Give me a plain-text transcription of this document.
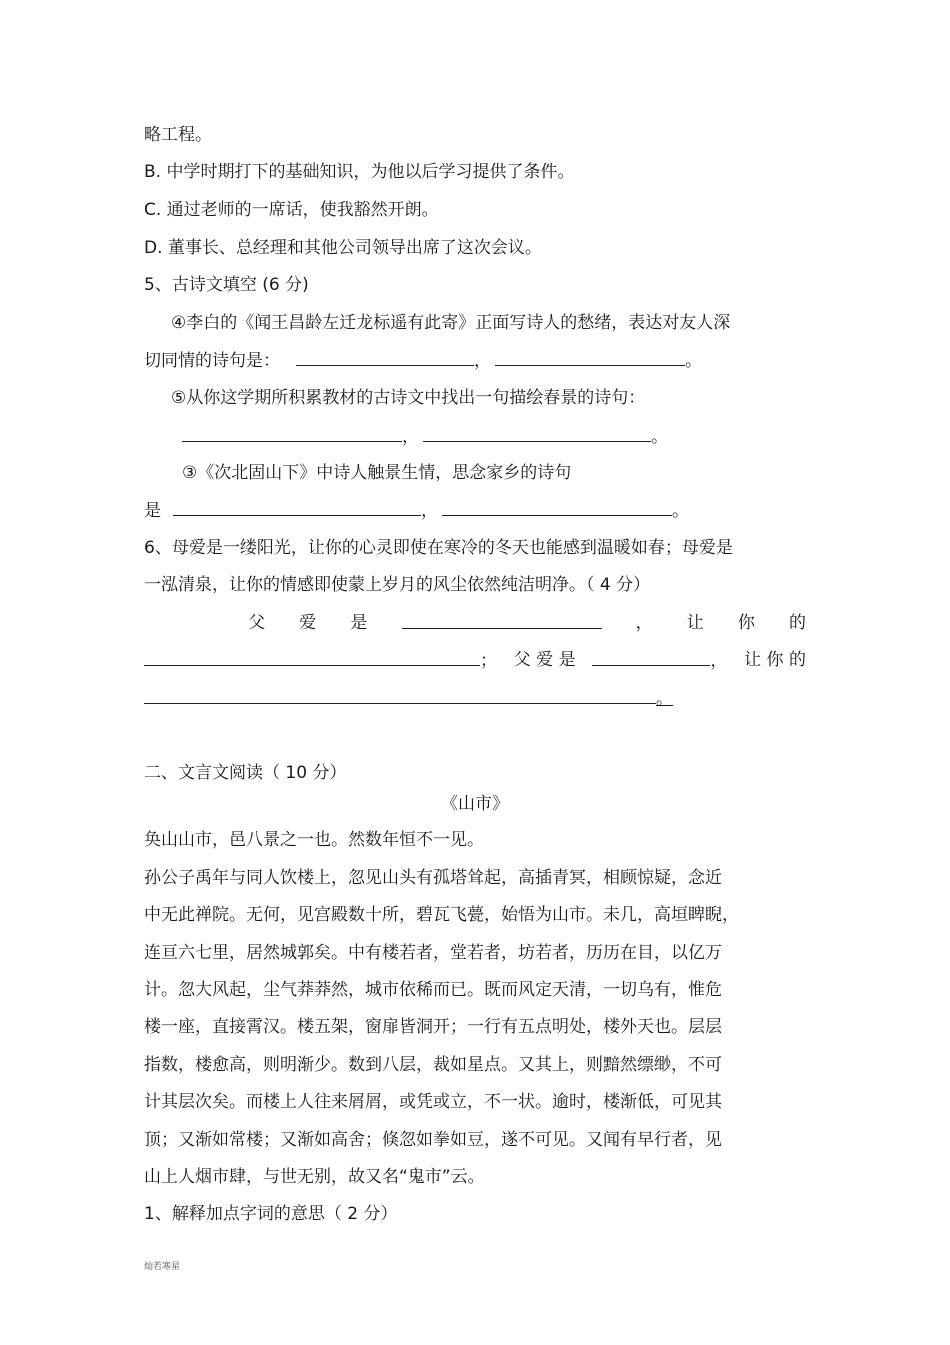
略工程。
B. 中学时期打下的基础知识，为他以后学习提供了条件。
C. 通过老师的一席话，使我豁然开朗。
D. 董事长、总经理和其他公司领导出席了这次会议。
5、古诗文填空 (6 分)
④李白的《闻王昌龄左迁龙标遥有此寄》正面写诗人的愁绪，表达对友人深
切同情的诗句是：	，	。
⑤从你这学期所积累教材的古诗文中找出一句描绘春景的诗句：
，	。
③《次北固山下》中诗人触景生情，思念家乡的诗句
是	，	。
6、母爱是一缕阳光，让你的心灵即使在寒冷的冬天也能感到温暖如春；母爱是
一泓清泉，让你的情感即使蒙上岁月的风尘依然纯洁明净。（ 4 分）
父 爱 是	， 让 你 的
； 父 爱 是	， 让 你 的
。
二、文言文阅读（ 10 分）
《山市》
奂山山市，邑八景之一也。然数年恒不一见。
孙公子禹年与同人饮楼上，忽见山头有孤塔耸起，高插青冥，相顾惊疑，念近
中无此禅院。无何，见宫殿数十所，碧瓦飞甍，始悟为山市。未几，高垣睥睨，
连亘六七里，居然城郭矣。中有楼若者，堂若者，坊若者，历历在目，以亿万
计。忽大风起，尘气莽莽然，城市依稀而已。既而风定天清，一切乌有，惟危
楼一座，直接霄汉。楼五架，窗扉皆洞开；一行有五点明处，楼外天也。层层
指数，楼愈高，则明渐少。数到八层，裁如星点。又其上，则黯然缥缈，不可
计其层次矣。而楼上人往来屑屑，或凭或立，不一状。逾时，楼渐低，可见其
顶；又渐如常楼；又渐如高舍；倏忽如拳如豆，遂不可见。又闻有早行者，见
山上人烟市肆，与世无别，故又名“鬼市”云。
1、解释加点字词的意思（ 2 分）
灿若寒星
